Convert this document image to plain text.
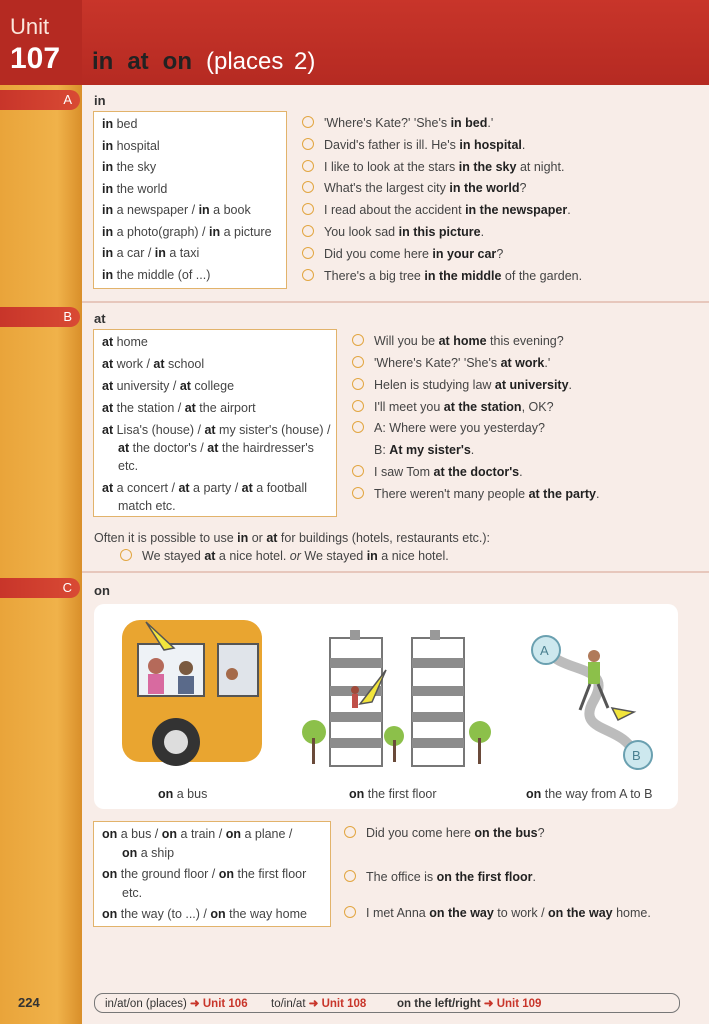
Unit
107 in at on (places 2)
A in
in bed
in hospital
in the sky
in the world
in a newspaper / in a book
in a photo(graph) / in a picture
in a car / in a taxi
in the middle (of ...)
B at
at home
at work / at school
at university / at college
at the station / at the airport
at Lisa's (house) / at my sister's (house) /
at the doctor's / at the hairdresser's
etc.
at a concert / at a party / at a football
match etc.
Often it is possible to use in or at for buildings (hotels, restaurants etc.):
We stayed at a nice hotel. or We stayed in a nice hotel.
C on
A
B
on a bus	on the first floor	on the way from A to B
on a bus / on a train / on a plane /
on a ship
on the ground floor / on the first floor
etc.
on the way (to ...) / on the way home
224	in/at/on (places) ➜ Unit 106 to/in/at ➜ Unit 108	on the left/right ➜ Unit 109
'Where's Kate?' 'She's in bed.'
David's father is ill. He's in hospital.
I like to look at the stars in the sky at night.
What's the largest city in the world?
I read about the accident in the newspaper.
You look sad in this picture.
Did you come here in your car?
There's a big tree in the middle of the garden.
Will you be at home this evening?
'Where's Kate?' 'She's at work.'
Helen is studying law at university.
I'll meet you at the station, OK?
A: Where were you yesterday?
B: At my sister's.
I saw Tom at the doctor's.
There weren't many people at the party.
Did you come here on the bus?
The office is on the first floor.
I met Anna on the way to work / on the way home.
